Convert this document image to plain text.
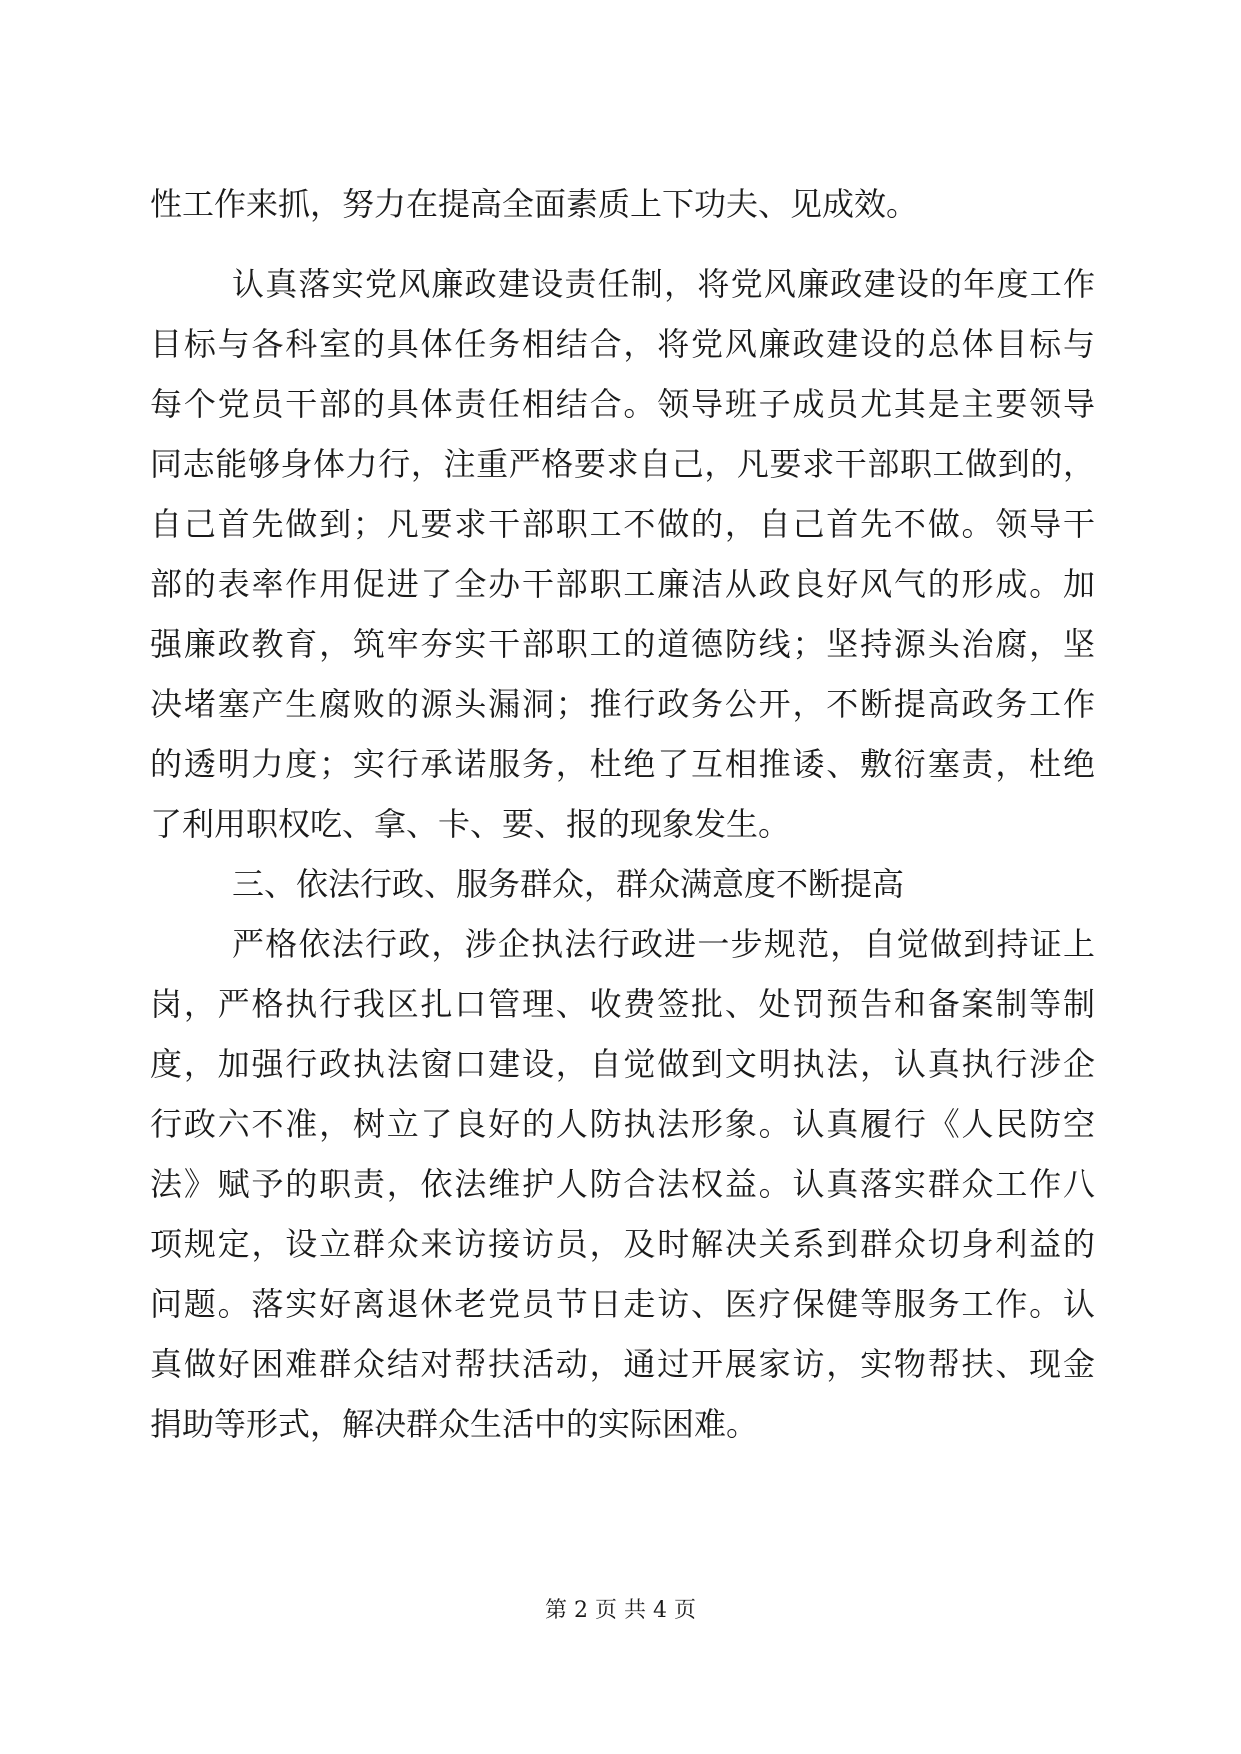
性工作来抓，努力在提高全面素质上下功夫、见成效。
认真落实党风廉政建设责任制，将党风廉政建设的年度工作
目标与各科室的具体任务相结合，将党风廉政建设的总体目标与
每个党员干部的具体责任相结合。领导班子成员尤其是主要领导
同志能够身体力行，注重严格要求自己，凡要求干部职工做到的，
自己首先做到；凡要求干部职工不做的，自己首先不做。领导干
部的表率作用促进了全办干部职工廉洁从政良好风气的形成。加
强廉政教育，筑牢夯实干部职工的道德防线；坚持源头治腐，坚
决堵塞产生腐败的源头漏洞；推行政务公开，不断提高政务工作
的透明力度；实行承诺服务，杜绝了互相推诿、敷衍塞责，杜绝
了利用职权吃、拿、卡、要、报的现象发生。
三、依法行政、服务群众，群众满意度不断提高
严格依法行政，涉企执法行政进一步规范，自觉做到持证上
岗，严格执行我区扎口管理、收费签批、处罚预告和备案制等制
度，加强行政执法窗口建设，自觉做到文明执法，认真执行涉企
行政六不准，树立了良好的人防执法形象。认真履行《人民防空
法》赋予的职责，依法维护人防合法权益。认真落实群众工作八
项规定，设立群众来访接访员，及时解决关系到群众切身利益的
问题。落实好离退休老党员节日走访、医疗保健等服务工作。认
真做好困难群众结对帮扶活动，通过开展家访，实物帮扶、现金
捐助等形式，解决群众生活中的实际困难。
第 2 页 共 4 页
